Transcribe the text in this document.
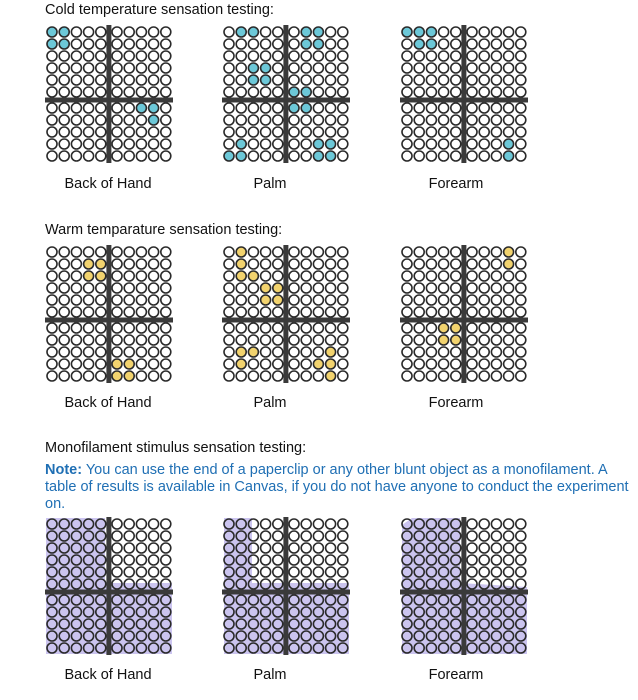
Cold temperature sensation testing:
Back of Hand	Palm	Forearm
Warm temparature sensation testing:
Back of Hand	Palm	Forearm
Monofilament stimulus sensation testing:
Note: You can use the end of a paperclip or any other blunt object as a monofilament. A table of results is available in Canvas, if you do not have anyone to conduct the experiment on.
Back of Hand	Palm	Forearm
